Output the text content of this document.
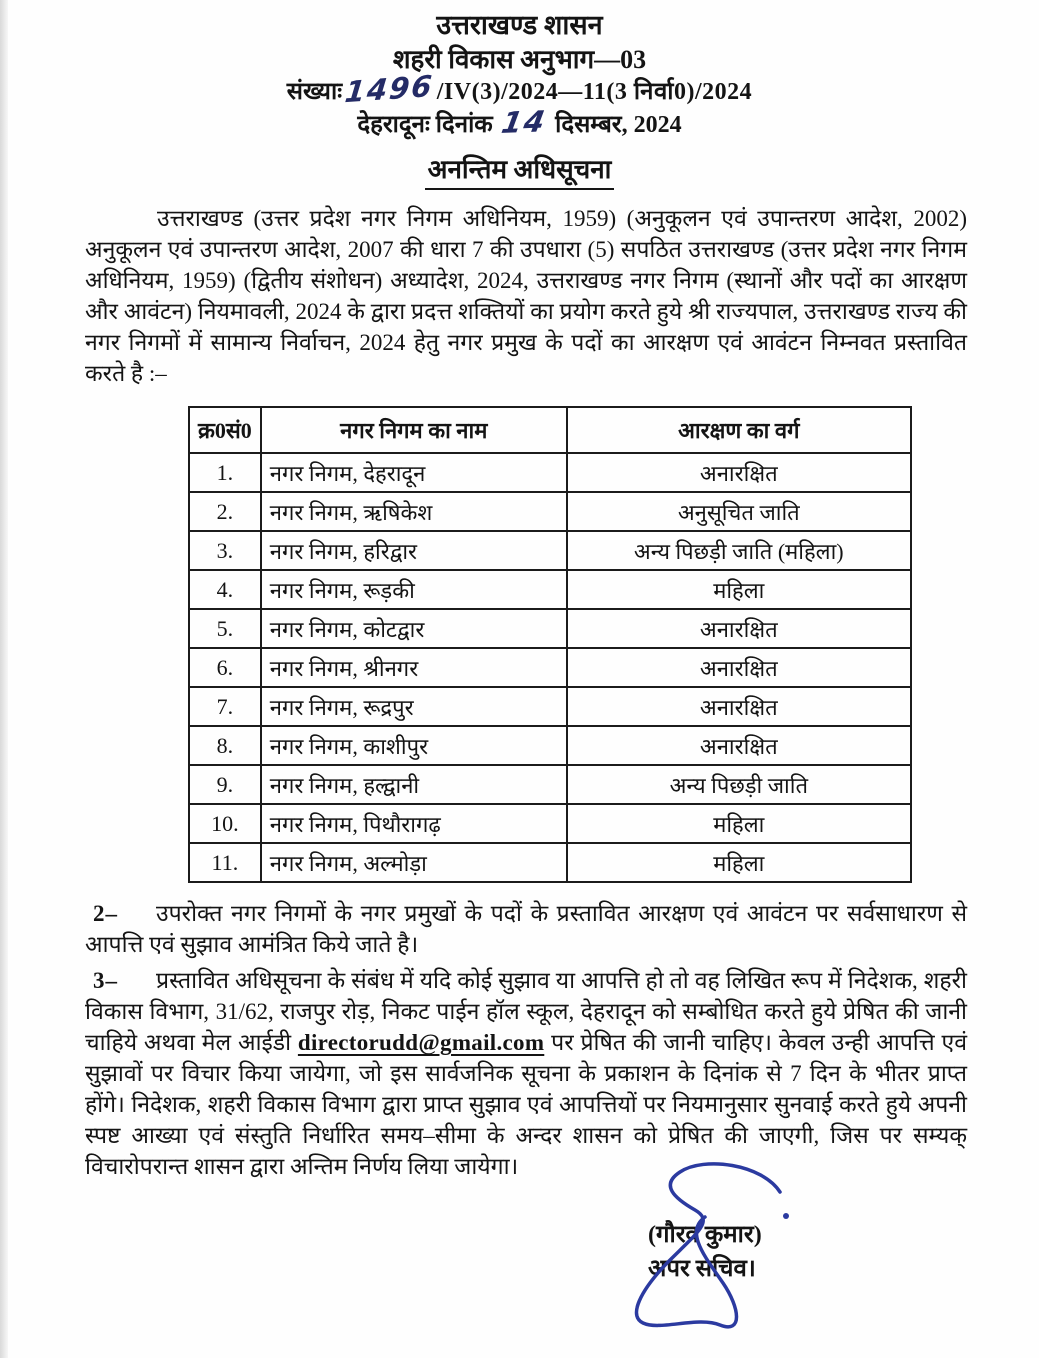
उत्तराखण्ड शासन
शहरी विकास अनुभाग—03
संख्याः1496/IV(3)/2024—11(3 निर्वा0)/2024
देहरादूनः दिनांक 14 दिसम्बर, 2024
अनन्तिम अधिसूचना
उत्तराखण्ड (उत्तर प्रदेश नगर निगम अधिनियम, 1959) (अनुकूलन एवं उपान्तरण आदेश, 2002) अनुकूलन एवं उपान्तरण आदेश, 2007 की धारा 7 की उपधारा (5) सपठित उत्तराखण्ड (उत्तर प्रदेश नगर निगम अधिनियम, 1959) (द्वितीय संशोधन) अध्यादेश, 2024, उत्तराखण्ड नगर निगम (स्थानों और पदों का आरक्षण और आवंटन) नियमावली, 2024 के द्वारा प्रदत्त शक्तियों का प्रयोग करते हुये श्री राज्यपाल, उत्तराखण्ड राज्य की नगर निगमों में सामान्य निर्वाचन, 2024 हेतु नगर प्रमुख के पदों का आरक्षण एवं आवंटन निम्नवत प्रस्तावित करते है :–
क्र0सं0	नगर निगम का नाम	आरक्षण का वर्ग
1.	नगर निगम, देहरादून	अनारक्षित
2.	नगर निगम, ऋषिकेश	अनुसूचित जाति
3.	नगर निगम, हरिद्वार	अन्य पिछड़ी जाति (महिला)
4.	नगर निगम, रूड़की	महिला
5.	नगर निगम, कोटद्वार	अनारक्षित
6.	नगर निगम, श्रीनगर	अनारक्षित
7.	नगर निगम, रूद्रपुर	अनारक्षित
8.	नगर निगम, काशीपुर	अनारक्षित
9.	नगर निगम, हल्द्वानी	अन्य पिछड़ी जाति
10.	नगर निगम, पिथौरागढ़	महिला
11.	नगर निगम, अल्मोड़ा	महिला
2– उपरोक्त नगर निगमों के नगर प्रमुखों के पदों के प्रस्तावित आरक्षण एवं आवंटन पर सर्वसाधारण से आपत्ति एवं सुझाव आमंत्रित किये जाते है।
3– प्रस्तावित अधिसूचना के संबंध में यदि कोई सुझाव या आपत्ति हो तो वह लिखित रूप में निदेशक, शहरी विकास विभाग, 31/62, राजपुर रोड़, निकट पाईन हॉल स्कूल, देहरादून को सम्बोधित करते हुये प्रेषित की जानी चाहिये अथवा मेल आईडी directorudd@gmail.com पर प्रेषित की जानी चाहिए। केवल उन्ही आपत्ति एवं सुझावों पर विचार किया जायेगा, जो इस सार्वजनिक सूचना के प्रकाशन के दिनांक से 7 दिन के भीतर प्राप्त होंगे। निदेशक, शहरी विकास विभाग द्वारा प्राप्त सुझाव एवं आपत्तियों पर नियमानुसार सुनवाई करते हुये अपनी स्पष्ट आख्या एवं संस्तुति निर्धारित समय–सीमा के अन्दर शासन को प्रेषित की जाएगी, जिस पर सम्यक् विचारोपरान्त शासन द्वारा अन्तिम निर्णय लिया जायेगा।
(गौरव कुमार)
अपर सचिव।
